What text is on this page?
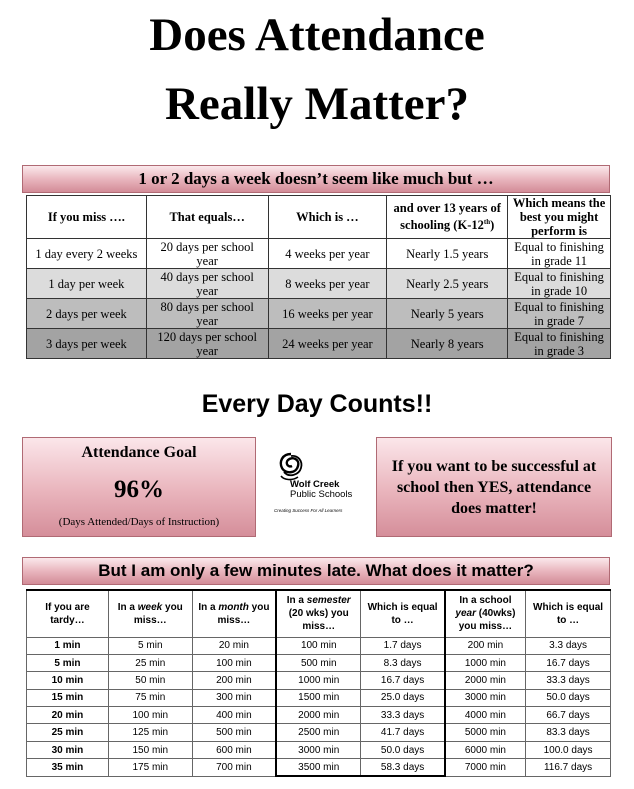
Does Attendance
Really Matter?
1 or 2 days a week doesn’t seem like much but …
If you miss ….	That equals…	Which is …	and over 13 years of schooling (K-12th)	Which means the best you might perform is
1 day every 2 weeks	20 days per school year	4 weeks per year	Nearly 1.5 years	Equal to finishing in grade 11
1 day per week	40 days per school year	8 weeks per year	Nearly 2.5 years	Equal to finishing in grade 10
2 days per week	80 days per school year	16 weeks per year	Nearly 5 years	Equal to finishing in grade 7
3 days per week	120 days per school year	24 weeks per year	Nearly 8 years	Equal to finishing in grade 3
Every Day Counts!!
Attendance Goal
96%
(Days Attended/Days of Instruction)
Wolf Creek
Public Schools
Creating Success For All Learners
If you want to be successful at school then YES, attendance does matter!
But I am only a few minutes late. What does it matter?
If you are tardy…	In a week you miss…	In a month you miss…	In a semester (20 wks) you miss…	Which is equal to …	In a school year (40wks) you miss…	Which is equal to …
1 min	5 min	20 min	100 min	1.7 days	200 min	3.3 days
5 min	25 min	100 min	500 min	8.3 days	1000 min	16.7 days
10 min	50 min	200 min	1000 min	16.7 days	2000 min	33.3 days
15 min	75 min	300 min	1500 min	25.0 days	3000 min	50.0 days
20 min	100 min	400 min	2000 min	33.3 days	4000 min	66.7 days
25 min	125 min	500 min	2500 min	41.7 days	5000 min	83.3 days
30 min	150 min	600 min	3000 min	50.0 days	6000 min	100.0 days
35 min	175 min	700 min	3500 min	58.3 days	7000 min	116.7 days
